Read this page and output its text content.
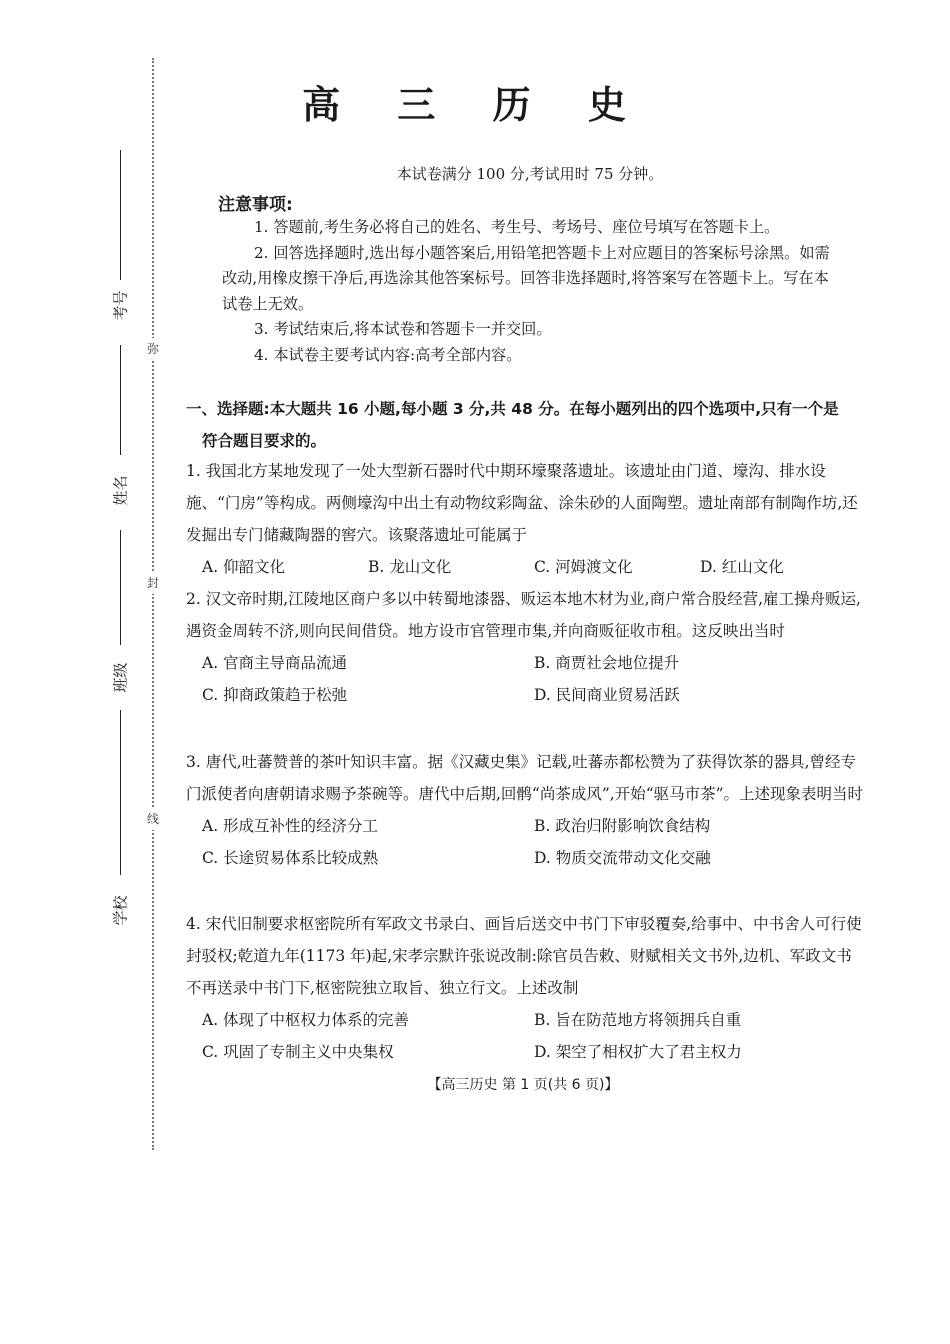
弥
封
线
考号
姓名
班级
学校
高 三 历 史
本试卷满分 100 分,考试用时 75 分钟。
注意事项:

1. 答题前,考生务必将自己的姓名、考生号、考场号、座位号填写在答题卡上。

2. 回答选择题时,选出每小题答案后,用铅笔把答题卡上对应题目的答案标号涂黑。如需改动,用橡皮擦干净后,再选涂其他答案标号。回答非选择题时,将答案写在答题卡上。写在本试卷上无效。

3. 考试结束后,将本试卷和答题卡一并交回。

4. 本试卷主要考试内容:高考全部内容。

一、选择题:本大题共 16 小题,每小题 3 分,共 48 分。在每小题列出的四个选项中,只有一个是
符合题目要求的。

1. 我国北方某地发现了一处大型新石器时代中期环壕聚落遗址。该遗址由门道、壕沟、排水设施、“门房”等构成。两侧壕沟中出土有动物纹彩陶盆、涂朱砂的人面陶塑。遗址南部有制陶作坊,还发掘出专门储藏陶器的窖穴。该聚落遗址可能属于

A. 仰韶文化	B. 龙山文化	C. 河姆渡文化	D. 红山文化

2. 汉文帝时期,江陵地区商户多以中转蜀地漆器、贩运本地木材为业,商户常合股经营,雇工操舟贩运,遇资金周转不济,则向民间借贷。地方设市官管理市集,并向商贩征收市租。这反映出当时

A. 官商主导商品流通	B. 商贾社会地位提升
C. 抑商政策趋于松弛	D. 民间商业贸易活跃

3. 唐代,吐蕃赞普的茶叶知识丰富。据《汉藏史集》记载,吐蕃赤都松赞为了获得饮茶的器具,曾经专门派使者向唐朝请求赐予茶碗等。唐代中后期,回鹘“尚茶成风”,开始“驱马市茶”。上述现象表明当时

A. 形成互补性的经济分工	B. 政治归附影响饮食结构
C. 长途贸易体系比较成熟	D. 物质交流带动文化交融

4. 宋代旧制要求枢密院所有军政文书录白、画旨后送交中书门下审驳覆奏,给事中、中书舍人可行使封驳权;乾道九年(1173 年)起,宋孝宗默许张说改制:除官员告敕、财赋相关文书外,边机、军政文书不再送录中书门下,枢密院独立取旨、独立行文。上述改制

A. 体现了中枢权力体系的完善	B. 旨在防范地方将领拥兵自重
C. 巩固了专制主义中央集权	D. 架空了相权扩大了君主权力
【高三历史 第 1 页(共 6 页)】
